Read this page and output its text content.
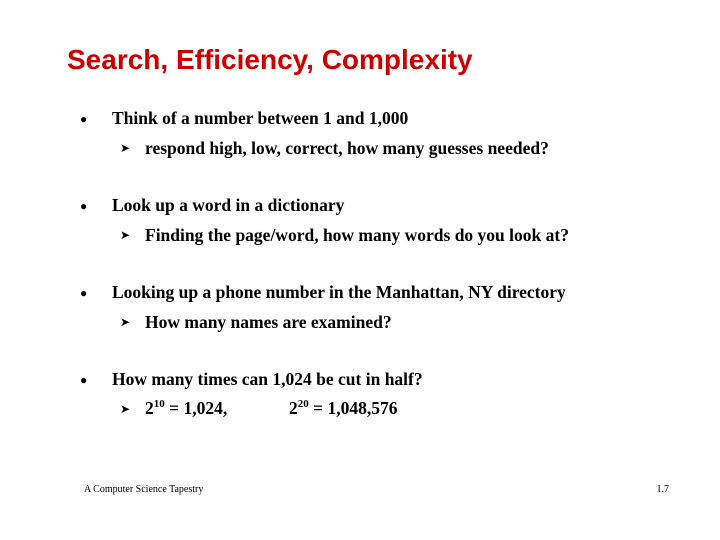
Search, Efficiency, Complexity
● Think of a number between 1 and 1,000
➤ respond high, low, correct, how many guesses needed?
● Look up a word in a dictionary
➤ Finding the page/word, how many words do you look at?
● Looking up a phone number in the Manhattan, NY directory
➤ How many names are examined?
● How many times can 1,024 be cut in half?
➤ $2^{10} = 1,024$,	$2^{20} = 1,048,576$
A Computer Science Tapestry	1.7
